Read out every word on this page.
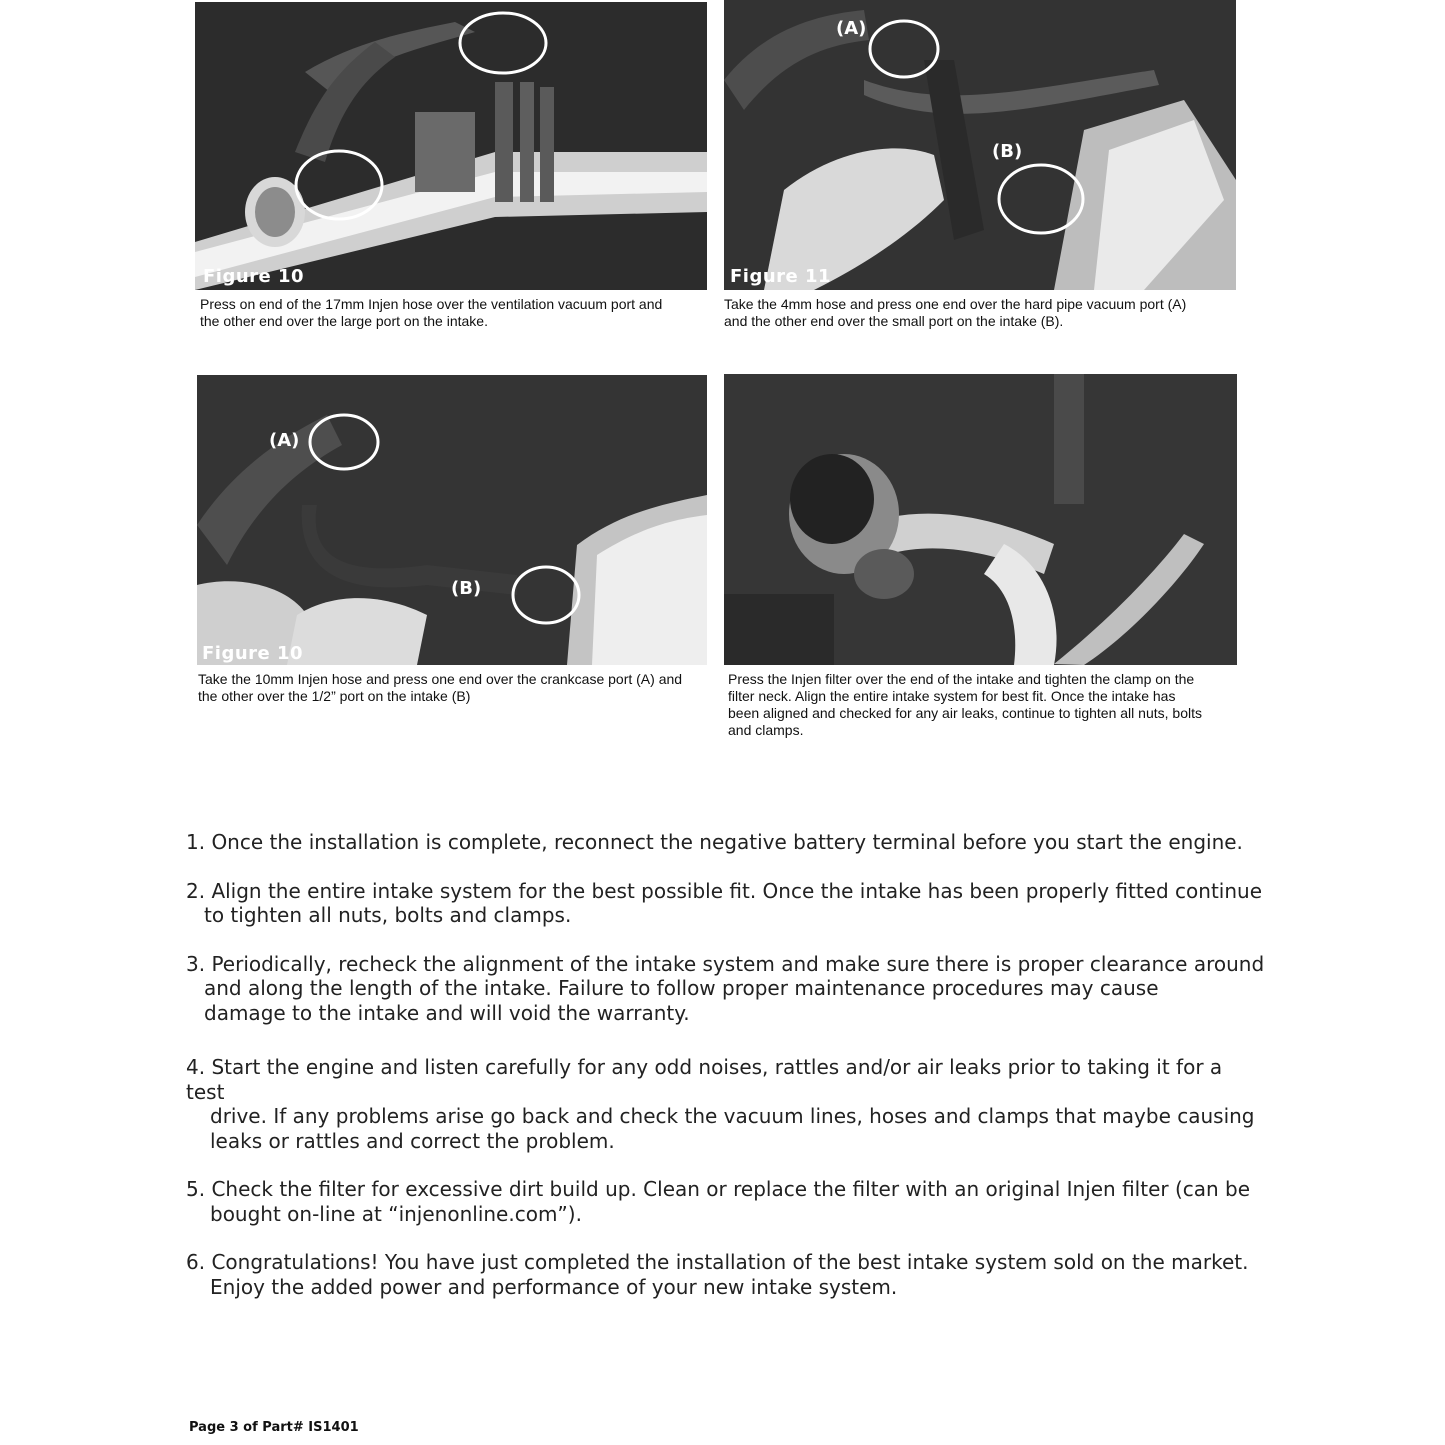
Figure 10
Press on end of the 17mm Injen hose over the ventilation vacuum port and
the other end over the large port on the intake.
(A)
(B)
Figure 11
Take the 4mm hose and press one end over the hard pipe vacuum port (A)
and the other end over the small port on the intake (B).
(A)
(B)
Figure 10
Take the 10mm Injen hose and press one end over the crankcase port (A) and
the other over the 1/2” port on the intake (B)
Press the Injen filter over the end of the intake and tighten the clamp on the
filter neck. Align the entire intake system for best fit. Once the intake has
been aligned and checked for any air leaks, continue to tighten all nuts, bolts
and clamps.
1. Once the installation is complete, reconnect the negative battery terminal before you start the engine.
2. Align the entire intake system for the best possible fit. Once the intake has been properly fitted continue
to tighten all nuts, bolts and clamps.
3. Periodically, recheck the alignment of the intake system and make sure there is proper clearance around
and along the length of the intake. Failure to follow proper maintenance procedures may cause
damage to the intake and will void the warranty.
4. Start the engine and listen carefully for any odd noises, rattles and/or air leaks prior to taking it for a test
drive. If any problems arise go back and check the vacuum lines, hoses and clamps that maybe causing
leaks or rattles and correct the problem.
5. Check the filter for excessive dirt build up. Clean or replace the filter with an original Injen filter (can be
bought on-line at “injenonline.com”).
6. Congratulations! You have just completed the installation of the best intake system sold on the market.
Enjoy the added power and performance of your new intake system.
Page 3 of Part# IS1401
